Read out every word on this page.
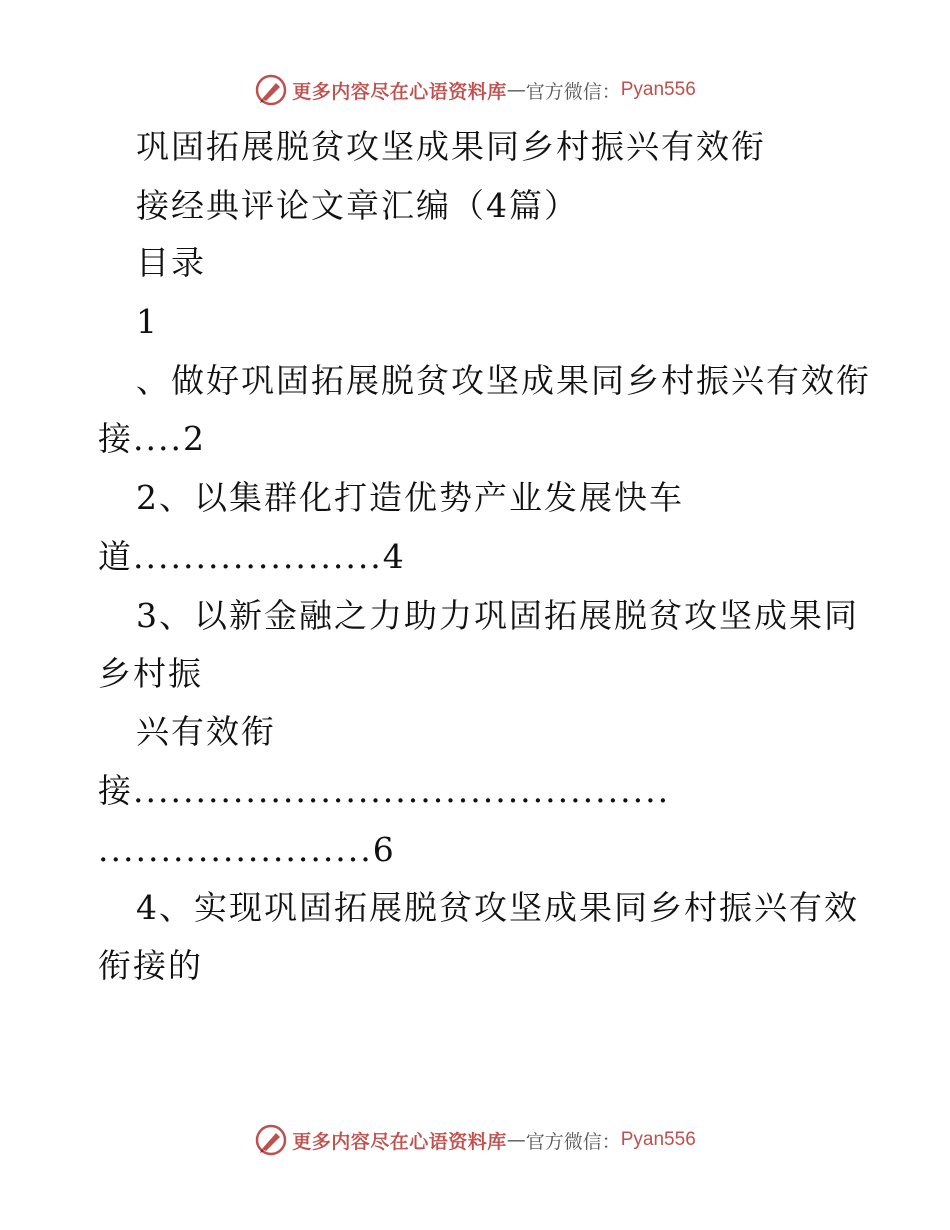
更多内容尽在心语资料库 — 官方微信： Pyan556
巩固拓展脱贫攻坚成果同乡村振兴有效衔
接经典评论文章汇编（4篇）
目录
1
、做好巩固拓展脱贫攻坚成果同乡村振兴有效衔
接....2
2、以集群化打造优势产业发展快车
道....................4
3、以新金融之力助力巩固拓展脱贫攻坚成果同
乡村振
兴有效衔
接...........................................
......................6
4、实现巩固拓展脱贫攻坚成果同乡村振兴有效
衔接的
更多内容尽在心语资料库 — 官方微信： Pyan556
